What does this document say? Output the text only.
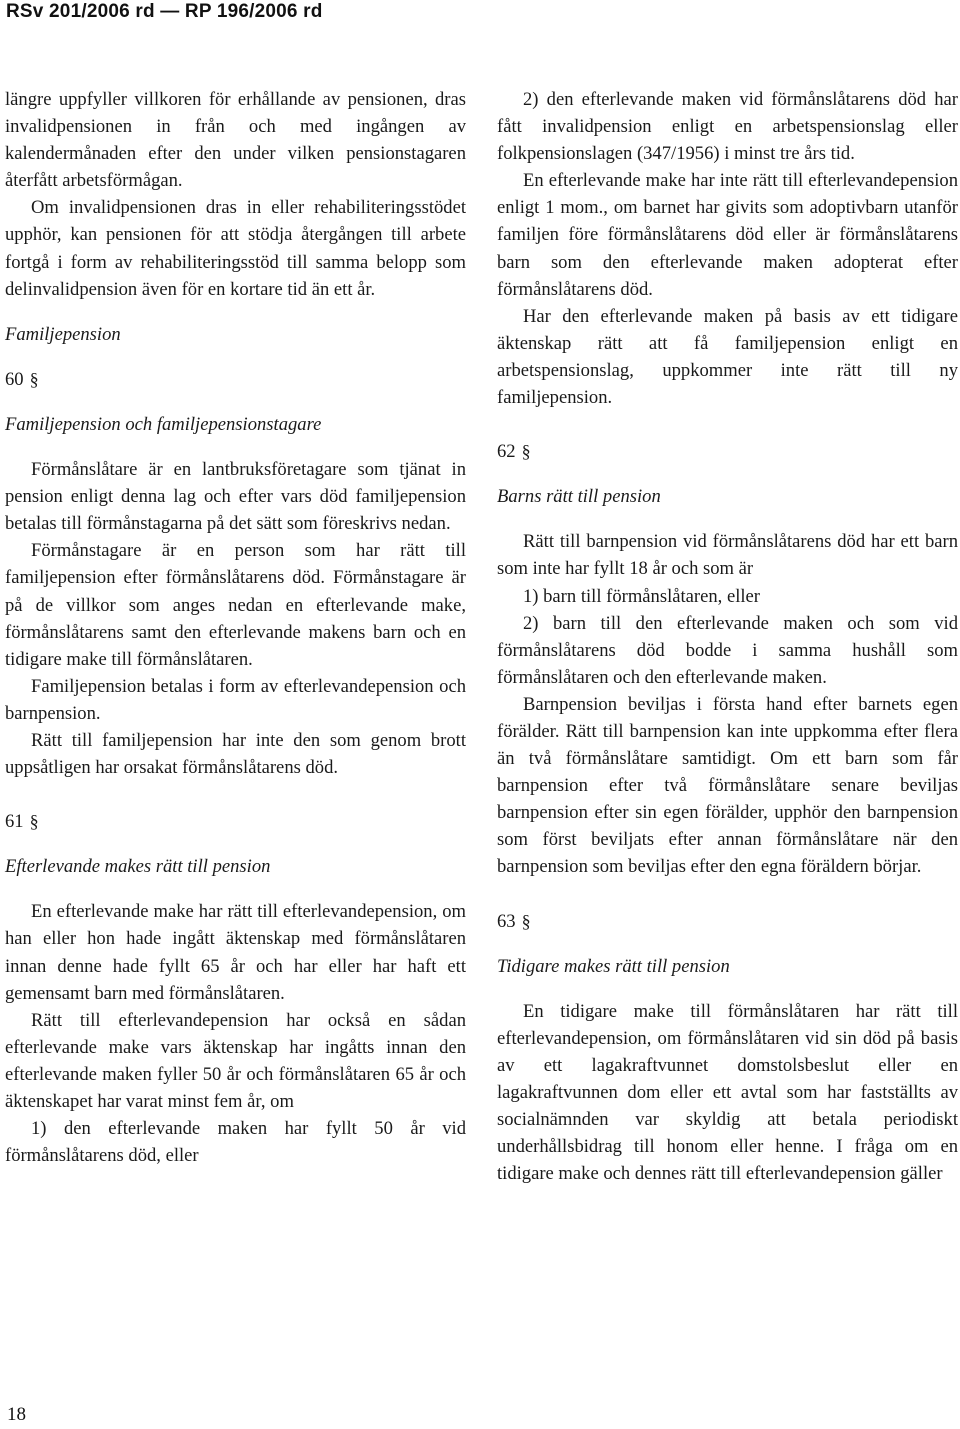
RSv 201/2006 rd — RP 196/2006 rd

längre uppfyller villkoren för erhållande av pensionen, dras invalidpensionen in från och med ingången av kalendermånaden efter den under vilken pensionstagaren återfått arbetsförmågan.

Om invalidpensionen dras in eller rehabiliteringsstödet upphör, kan pensionen för att stödja återgången till arbete fortgå i form av rehabiliteringsstöd till samma belopp som delinvalidpension även för en kortare tid än ett år.

Familjepension

60 §

Familjepension och familjepensionstagare

Förmånslåtare är en lantbruksföretagare som tjänat in pension enligt denna lag och efter vars död familjepension betalas till förmånstagarna på det sätt som föreskrivs nedan.

Förmånstagare är en person som har rätt till familjepension efter förmånslåtarens död. Förmånstagare är på de villkor som anges nedan en efterlevande make, förmånslåtarens samt den efterlevande makens barn och en tidigare make till förmånslåtaren.

Familjepension betalas i form av efterlevandepension och barnpension.

Rätt till familjepension har inte den som genom brott uppsåtligen har orsakat förmånslåtarens död.

61 §

Efterlevande makes rätt till pension

En efterlevande make har rätt till efterlevandepension, om han eller hon hade ingått äktenskap med förmånslåtaren innan denne hade fyllt 65 år och har eller har haft ett gemensamt barn med förmånslåtaren.

Rätt till efterlevandepension har också en sådan efterlevande make vars äktenskap har ingåtts innan den efterlevande maken fyller 50 år och förmånslåtaren 65 år och äktenskapet har varat minst fem år, om

1) den efterlevande maken har fyllt 50 år vid förmånslåtarens död, eller

2) den efterlevande maken vid förmånslåtarens död har fått invalidpension enligt en arbetspensionslag eller folkpensionslagen (347/1956) i minst tre års tid.

En efterlevande make har inte rätt till efterlevandepension enligt 1 mom., om barnet har givits som adoptivbarn utanför familjen före förmånslåtarens död eller är förmånslåtarens barn som den efterlevande maken adopterat efter förmånslåtarens död.

Har den efterlevande maken på basis av ett tidigare äktenskap rätt att få familjepension enligt en arbetspensionslag, uppkommer inte rätt till ny familjepension.

62 §

Barns rätt till pension

Rätt till barnpension vid förmånslåtarens död har ett barn som inte har fyllt 18 år och som är

1) barn till förmånslåtaren, eller

2) barn till den efterlevande maken och som vid förmånslåtarens död bodde i samma hushåll som förmånslåtaren och den efterlevande maken.

Barnpension beviljas i första hand efter barnets egen förälder. Rätt till barnpension kan inte uppkomma efter flera än två förmånslåtare samtidigt. Om ett barn som får barnpension efter två förmånslåtare senare beviljas barnpension efter sin egen förälder, upphör den barnpension som först beviljats efter annan förmånslåtare när den barnpension som beviljas efter den egna föräldern börjar.

63 §

Tidigare makes rätt till pension

En tidigare make till förmånslåtaren har rätt till efterlevandepension, om förmånslåtaren vid sin död på basis av ett lagakraftvunnet domstolsbeslut eller en lagakraftvunnen dom eller ett avtal som har fastställts av socialnämnden var skyldig att betala periodiskt underhållsbidrag till honom eller henne. I fråga om en tidigare make och dennes rätt till efterlevandepension gäller

18
